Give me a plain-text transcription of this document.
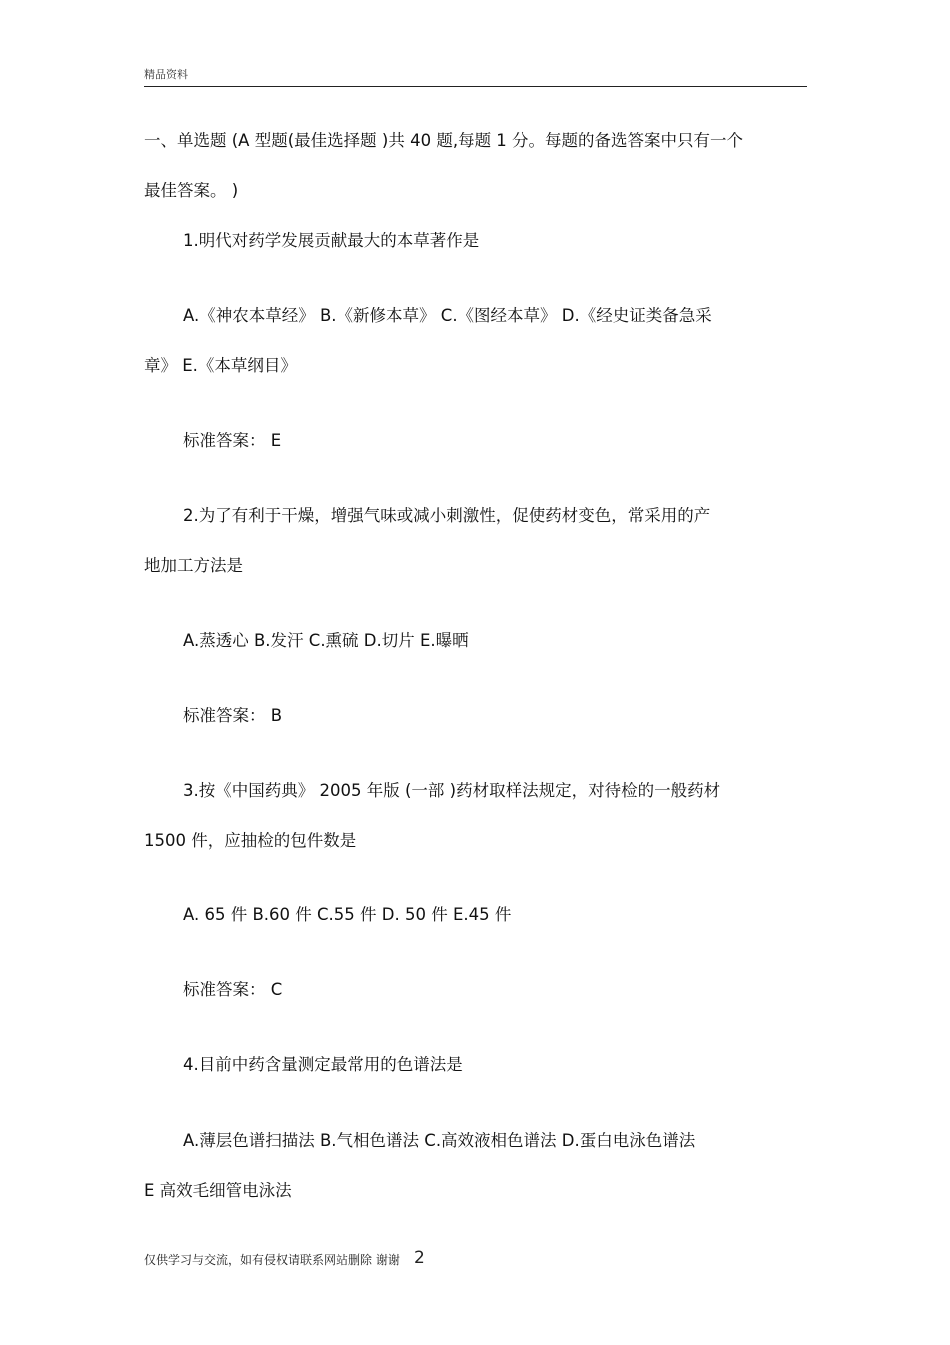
精品资料
一、单选题 (A 型题(最佳选择题 )共 40 题,每题 1 分。每题的备选答案中只有一个
最佳答案。 )
1.明代对药学发展贡献最大的本草著作是
A.《神农本草经》 B.《新修本草》 C.《图经本草》 D.《经史证类备急采
章》 E.《本草纲目》
标准答案： E
2.为了有利于干燥，增强气味或减小刺激性，促使药材变色，常采用的产
地加工方法是
A.蒸透心 B.发汗 C.熏硫 D.切片 E.曝晒
标准答案： B
3.按《中国药典》 2005 年版 (一部 )药材取样法规定，对待检的一般药材
1500 件，应抽检的包件数是
A. 65 件 B.60 件 C.55 件 D. 50 件 E.45 件
标准答案： C
4.目前中药含量测定最常用的色谱法是
A.薄层色谱扫描法 B.气相色谱法 C.高效液相色谱法 D.蛋白电泳色谱法
E 高效毛细管电泳法
仅供学习与交流，如有侵权请联系网站删除 谢谢 2
